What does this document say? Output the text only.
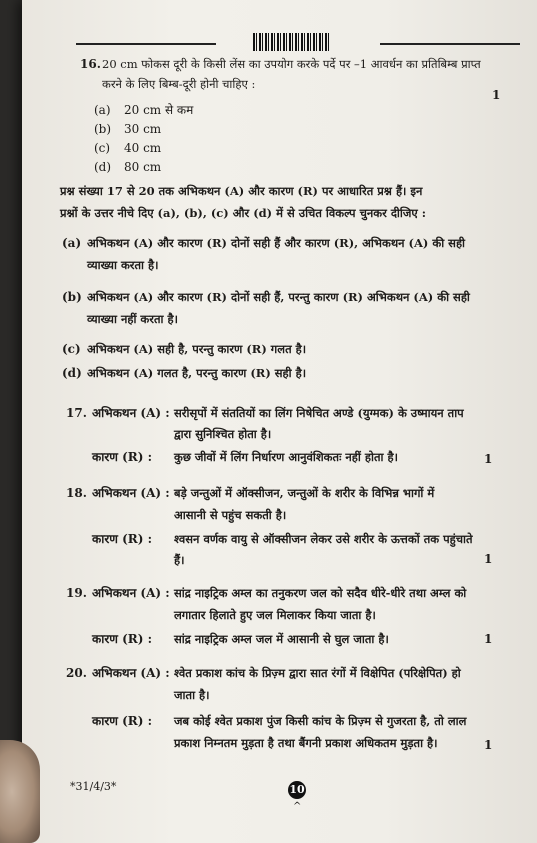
16. 20 cm फोकस दूरी के किसी लेंस का उपयोग करके पर्दे पर –1 आवर्धन का प्रतिबिम्ब प्राप्त
करने के लिए बिम्ब-दूरी होनी चाहिए :
1
(a) 20 cm से कम
(b) 30 cm
(c) 40 cm
(d) 80 cm
प्रश्न संख्या 17 से 20 तक अभिकथन (A) और कारण (R) पर आधारित प्रश्न हैं। इन
प्रश्नों के उत्तर नीचे दिए (a), (b), (c) और (d) में से उचित विकल्प चुनकर दीजिए :
(a) अभिकथन (A) और कारण (R) दोनों सही हैं और कारण (R), अभिकथन (A) की सही
व्याख्या करता है।
(b) अभिकथन (A) और कारण (R) दोनों सही हैं, परन्तु कारण (R) अभिकथन (A) की सही
व्याख्या नहीं करता है।
(c) अभिकथन (A) सही है, परन्तु कारण (R) गलत है।
(d) अभिकथन (A) गलत है, परन्तु कारण (R) सही है।
17. अभिकथन (A) : सरीसृपों में संततियों का लिंग निषेचित अण्डे (युग्मक) के उष्मायन ताप
द्वारा सुनिश्चित होता है।
कारण (R) : कुछ जीवों में लिंग निर्धारण आनुवंशिकतः नहीं होता है।	1
18. अभिकथन (A) : बड़े जन्तुओं में ऑक्सीजन, जन्तुओं के शरीर के विभिन्न भागों में
आसानी से पहुंच सकती है।
कारण (R) : श्वसन वर्णक वायु से ऑक्सीजन लेकर उसे शरीर के ऊत्तकों तक पहुंचाते
हैं।	1
19. अभिकथन (A) : सांद्र नाइट्रिक अम्ल का तनुकरण जल को सदैव धीरे-धीरे तथा अम्ल को
लगातार हिलाते हुए जल मिलाकर किया जाता है।
कारण (R) : सांद्र नाइट्रिक अम्ल जल में आसानी से घुल जाता है।	1
20. अभिकथन (A) : श्वेत प्रकाश कांच के प्रिज़्म द्वारा सात रंगों में विक्षेपित (परिक्षेपित) हो
जाता है।
कारण (R) : जब कोई श्वेत प्रकाश पुंज किसी कांच के प्रिज़्म से गुजरता है, तो लाल
प्रकाश निम्नतम मुड़ता है तथा बैंगनी प्रकाश अधिकतम मुड़ता है।	1
*31/4/3*	10
^
